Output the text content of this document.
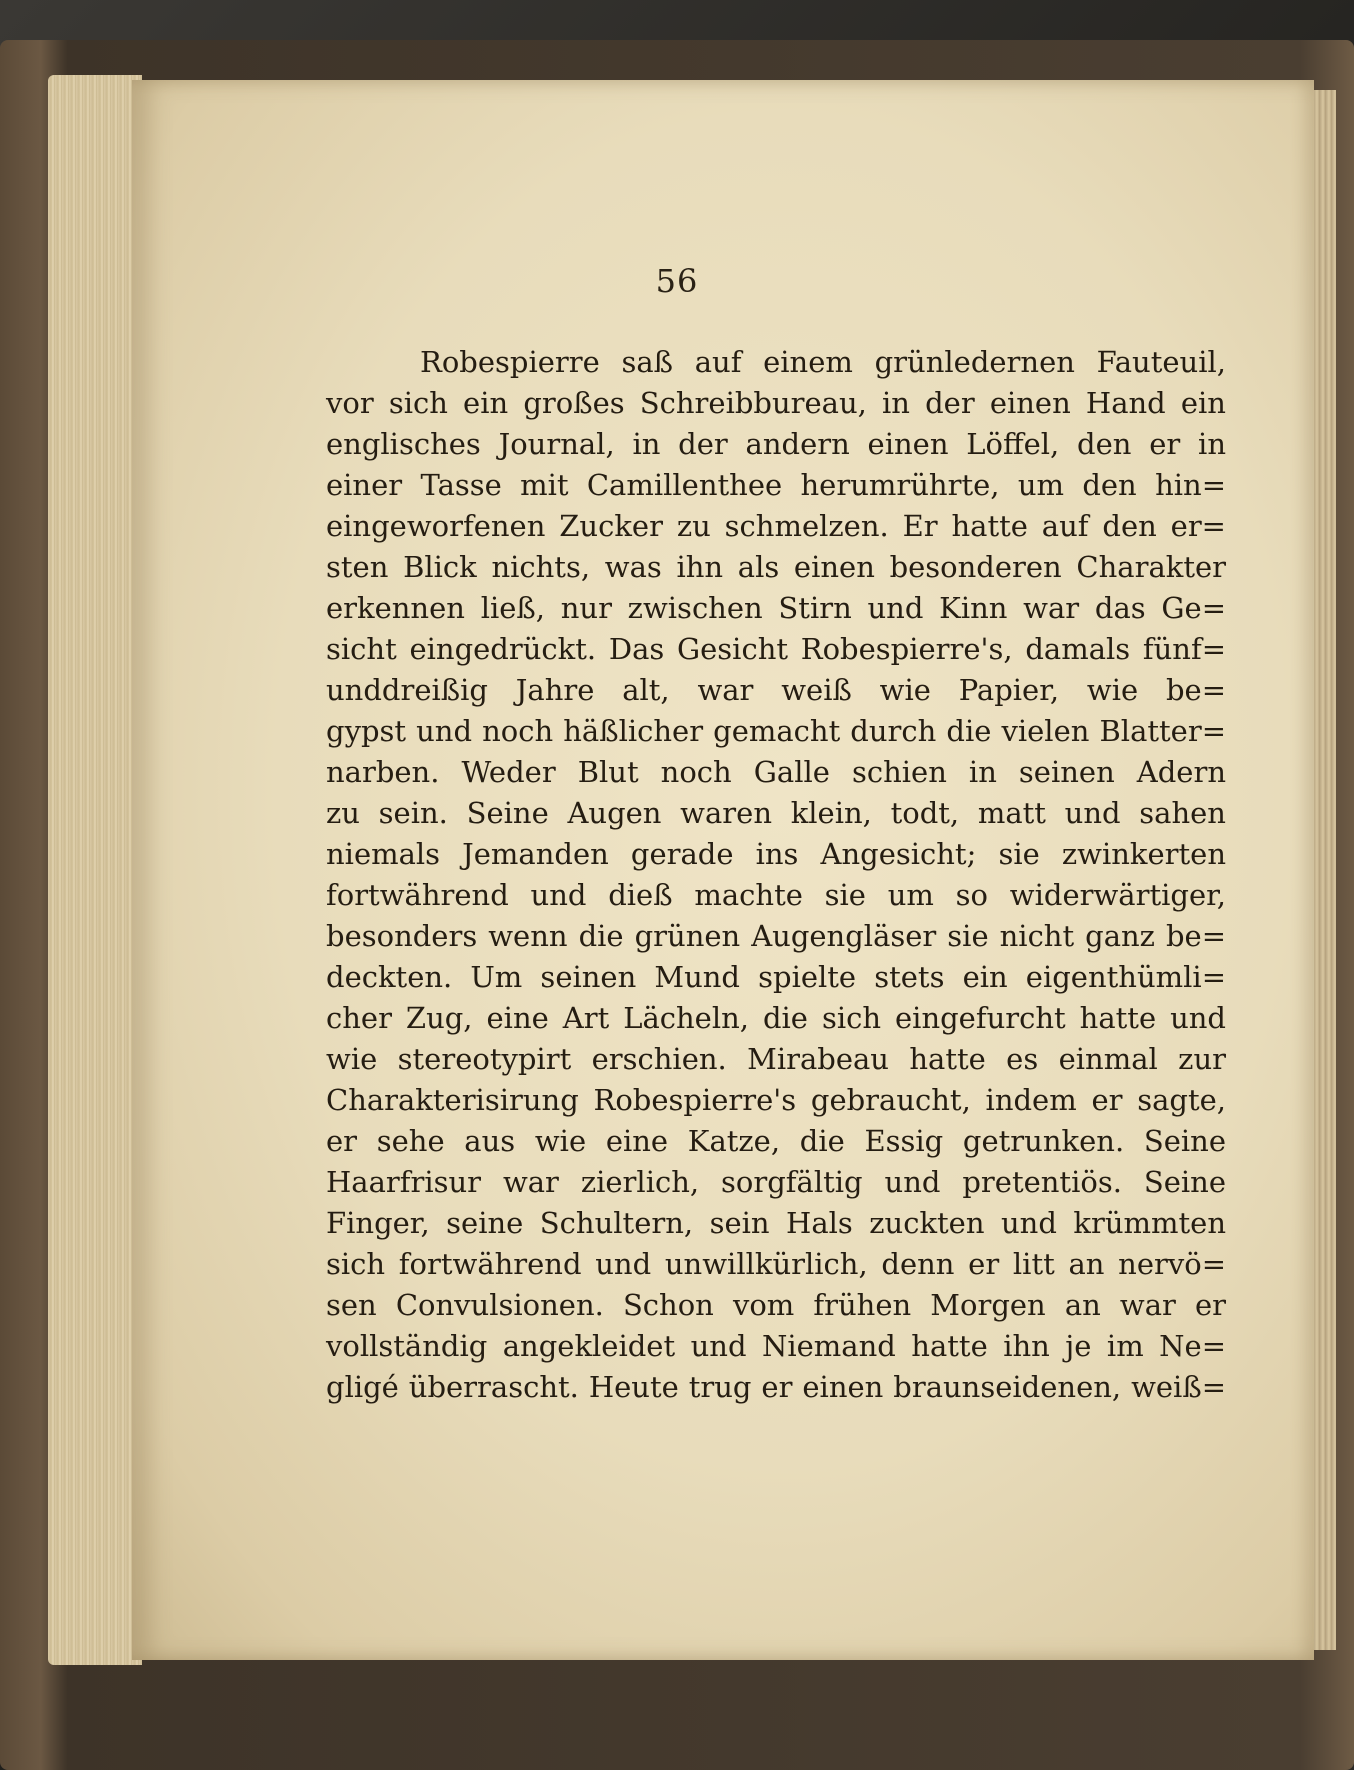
56
Robespierre saß auf einem grünledernen Fauteuil,
vor sich ein großes Schreibbureau, in der einen Hand ein
englisches Journal, in der andern einen Löffel, den er in
einer Tasse mit Camillenthee herumrührte, um den hin=
eingeworfenen Zucker zu schmelzen. Er hatte auf den er=
sten Blick nichts, was ihn als einen besonderen Charakter
erkennen ließ, nur zwischen Stirn und Kinn war das Ge=
sicht eingedrückt. Das Gesicht Robespierre's, damals fünf=
unddreißig Jahre alt, war weiß wie Papier, wie be=
gypst und noch häßlicher gemacht durch die vielen Blatter=
narben. Weder Blut noch Galle schien in seinen Adern
zu sein. Seine Augen waren klein, todt, matt und sahen
niemals Jemanden gerade ins Angesicht; sie zwinkerten
fortwährend und dieß machte sie um so widerwärtiger,
besonders wenn die grünen Augengläser sie nicht ganz be=
deckten. Um seinen Mund spielte stets ein eigenthümli=
cher Zug, eine Art Lächeln, die sich eingefurcht hatte und
wie stereotypirt erschien. Mirabeau hatte es einmal zur
Charakterisirung Robespierre's gebraucht, indem er sagte,
er sehe aus wie eine Katze, die Essig getrunken. Seine
Haarfrisur war zierlich, sorgfältig und pretentiös. Seine
Finger, seine Schultern, sein Hals zuckten und krümmten
sich fortwährend und unwillkürlich, denn er litt an nervö=
sen Convulsionen. Schon vom frühen Morgen an war er
vollständig angekleidet und Niemand hatte ihn je im Ne=
gligé überrascht. Heute trug er einen braunseidenen, weiß=
